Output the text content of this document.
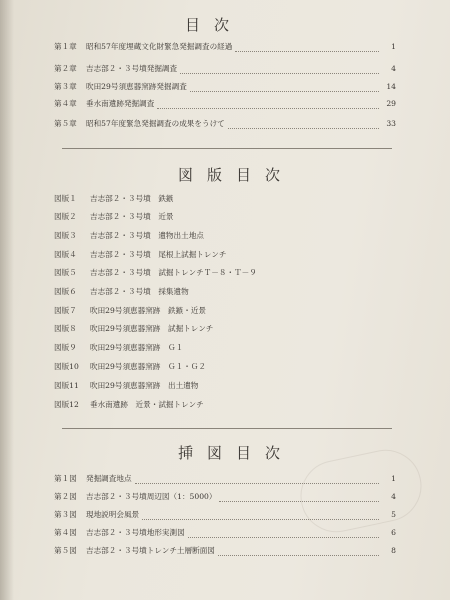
目次
第１章	昭和57年度埋蔵文化財緊急発掘調査の経過	1
第２章	吉志部２・３号墳発掘調査	4
第３章	吹田29号須恵器窯跡発掘調査	14
第４章	垂水南遺跡発掘調査	29
第５章	昭和57年度緊急発掘調査の成果をうけて	33
図版目次
図版１	吉志部２・３号墳　鉄鏃
図版２	吉志部２・３号墳　近景
図版３	吉志部２・３号墳　遺物出土地点
図版４	吉志部２・３号墳　尾根上試掘トレンチ
図版５	吉志部２・３号墳　試掘トレンチＴ－８・Ｔ－９
図版６	吉志部２・３号墳　採集遺物
図版７	吹田29号須恵器窯跡　鉄鏃・近景
図版８	吹田29号須恵器窯跡　試掘トレンチ
図版９	吹田29号須恵器窯跡　Ｇ１
図版10	吹田29号須恵器窯跡　Ｇ１・Ｇ２
図版11	吹田29号須恵器窯跡　出土遺物
図版12	垂水南遺跡　近景・試掘トレンチ
挿図目次
第１図	発掘調査地点	1
第２図	吉志部２・３号墳周辺図（1：5000）	4
第３図	現地説明会風景	5
第４図	吉志部２・３号墳地形実測図	6
第５図	吉志部２・３号墳トレンチ土層断面図	8
